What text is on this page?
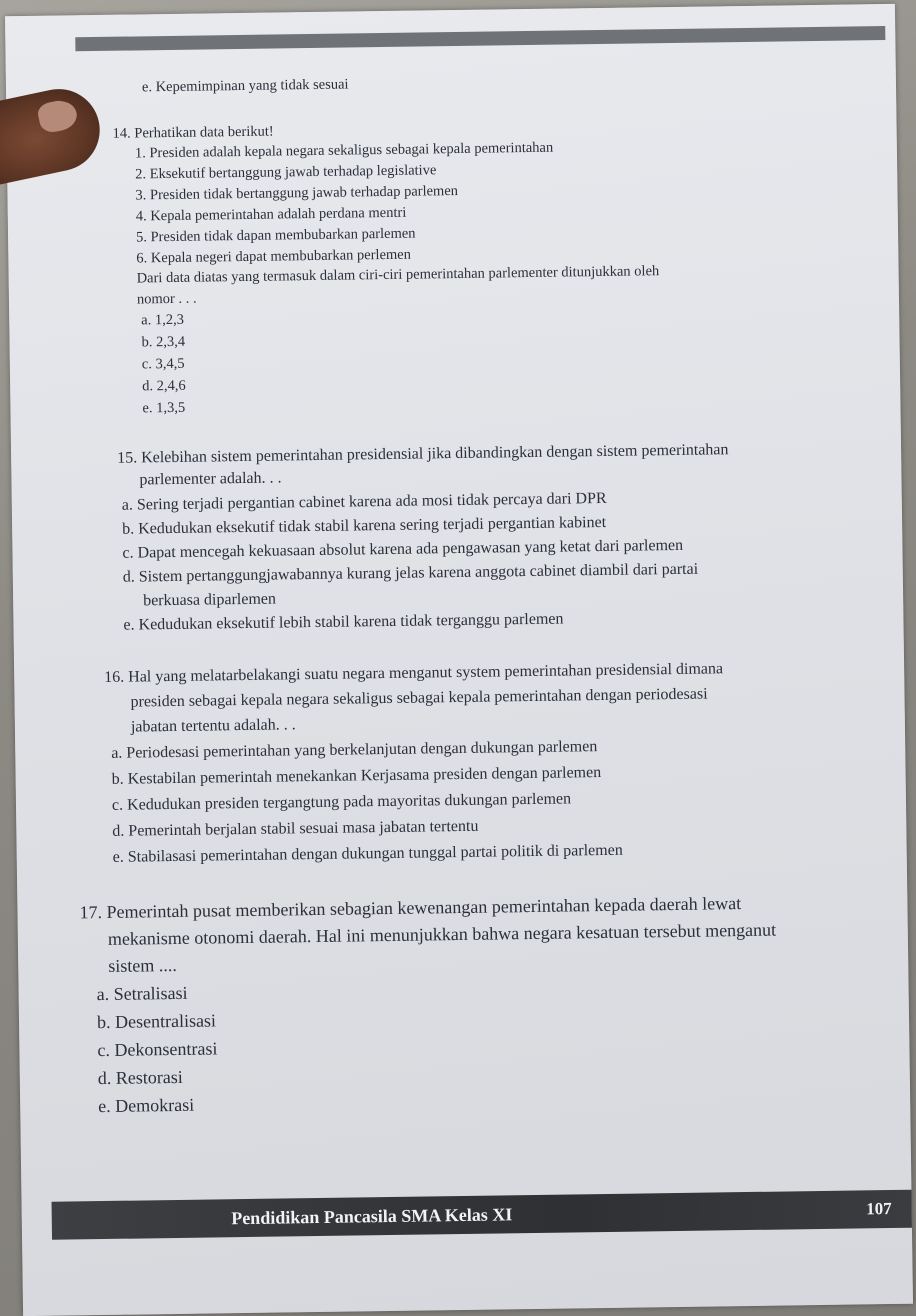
e. Kepemimpinan yang tidak sesuai
14. Perhatikan data berikut!
1. Presiden adalah kepala negara sekaligus sebagai kepala pemerintahan
2. Eksekutif bertanggung jawab terhadap legislative
3. Presiden tidak bertanggung jawab terhadap parlemen
4. Kepala pemerintahan adalah perdana mentri
5. Presiden tidak dapan membubarkan parlemen
6. Kepala negeri dapat membubarkan perlemen
Dari data diatas yang termasuk dalam ciri-ciri pemerintahan parlementer ditunjukkan oleh
nomor . . .
a. 1,2,3
b. 2,3,4
c. 3,4,5
d. 2,4,6
e. 1,3,5
15. Kelebihan sistem pemerintahan presidensial jika dibandingkan dengan sistem pemerintahan
parlementer adalah. . .
a. Sering terjadi pergantian cabinet karena ada mosi tidak percaya dari DPR
b. Kedudukan eksekutif tidak stabil karena sering terjadi pergantian kabinet
c. Dapat mencegah kekuasaan absolut karena ada pengawasan yang ketat dari parlemen
d. Sistem pertanggungjawabannya kurang jelas karena anggota cabinet diambil dari partai
berkuasa diparlemen
e. Kedudukan eksekutif lebih stabil karena tidak terganggu parlemen
16. Hal yang melatarbelakangi suatu negara menganut system pemerintahan presidensial dimana
presiden sebagai kepala negara sekaligus sebagai kepala pemerintahan dengan periodesasi
jabatan tertentu adalah. . .
a. Periodesasi pemerintahan yang berkelanjutan dengan dukungan parlemen
b. Kestabilan pemerintah menekankan Kerjasama presiden dengan parlemen
c. Kedudukan presiden tergangtung pada mayoritas dukungan parlemen
d. Pemerintah berjalan stabil sesuai masa jabatan tertentu
e. Stabilasasi pemerintahan dengan dukungan tunggal partai politik di parlemen
17. Pemerintah pusat memberikan sebagian kewenangan pemerintahan kepada daerah lewat
mekanisme otonomi daerah. Hal ini menunjukkan bahwa negara kesatuan tersebut menganut
sistem ....
a. Setralisasi
b. Desentralisasi
c. Dekonsentrasi
d. Restorasi
e. Demokrasi
Pendidikan Pancasila SMA Kelas XI	107
